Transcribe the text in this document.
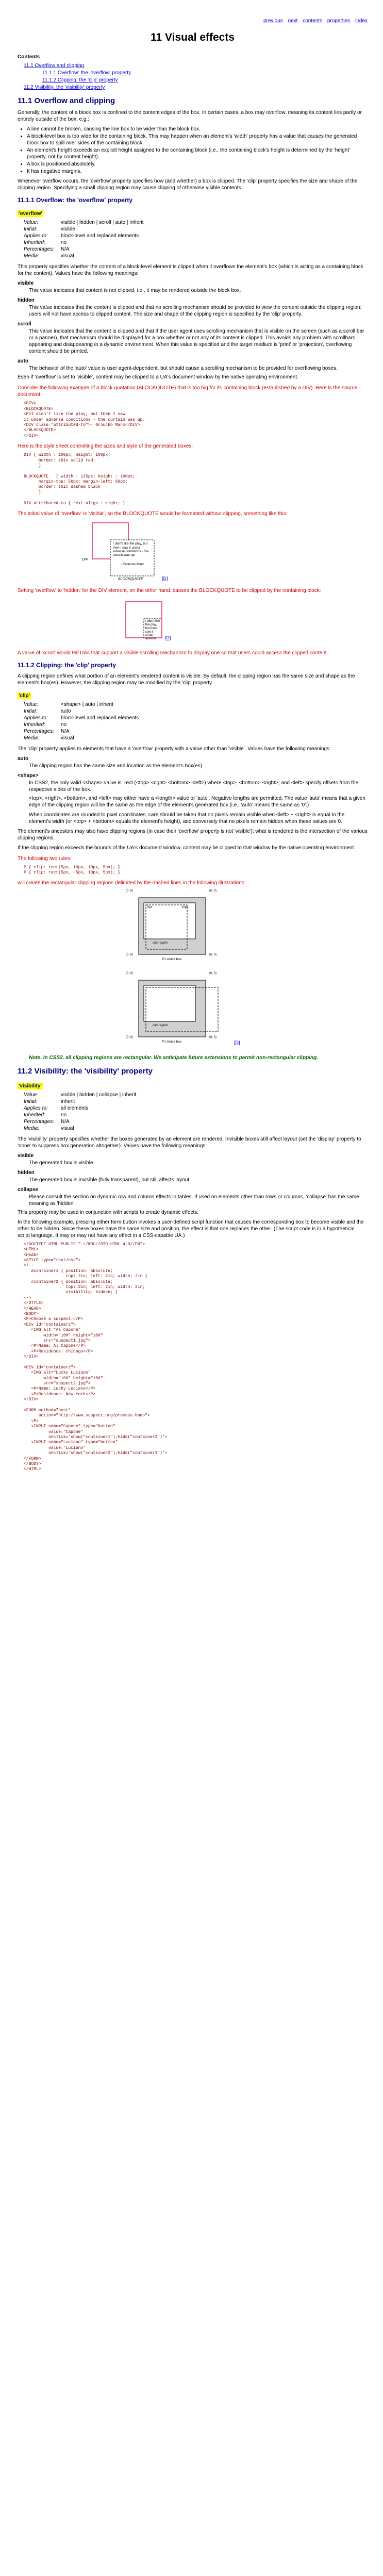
previous next contents properties index
11 Visual effects
Contents
11.1 Overflow and clipping
11.1.1 Overflow: the 'overflow' property
11.1.2 Clipping: the 'clip' property
11.2 Visibility: the 'visibility' property
11.1 Overflow and clipping

Generally, the content of a block box is confined to the content edges of the box. In certain cases, a box may overflow, meaning its content lies partly or entirely outside of the box, e.g.:

• A line cannot be broken, causing the line box to be wider than the block box.
• A block-level box is too wide for the containing block. This may happen when an element's 'width' property has a value that causes the generated block box to spill over sides of the containing block.
• An element's height exceeds an explicit height assigned to the containing block (i.e., the containing block's height is determined by the 'height' property, not by content height).
• A box is positioned absolutely.
• It has negative margins.

Whenever overflow occurs, the 'overflow' property specifies how (and whether) a box is clipped. The 'clip' property specifies the size and shape of the clipping region. Specifying a small clipping region may cause clipping of otherwise visible contents.

11.1.1 Overflow: the 'overflow' property
'overflow'
Value:	visible | hidden | scroll | auto | inherit
Initial:	visible
Applies to:	block-level and replaced elements
Inherited:	no
Percentages:	N/A
Media:	visual

This property specifies whether the content of a block-level element is clipped when it overflows the element's box (which is acting as a containing block for the content). Values have the following meanings:

visible
This value indicates that content is not clipped, i.e., it may be rendered outside the block box.
hidden
This value indicates that the content is clipped and that no scrolling mechanism should be provided to view the content outside the clipping region; users will not have access to clipped content. The size and shape of the clipping region is specified by the 'clip' property.
scroll
This value indicates that the content is clipped and that if the user agent uses scrolling mechanism that is visible on the screen (such as a scroll bar or a panner), that mechanism should be displayed for a box whether or not any of its content is clipped. This avoids any problem with scrollbars appearing and disappearing in a dynamic environment. When this value is specified and the target medium is 'print' or 'projection', overflowing content should be printed.
auto
The behavior of the 'auto' value is user agent-dependent, but should cause a scrolling mechanism to be provided for overflowing boxes.

Even if 'overflow' is set to 'visible', content may be clipped to a UA's document window by the native operating environment.

Consider the following example of a block quotation (BLOCKQUOTE) that is too big for its containing block (established by a DIV). Here is the source document:

<DIV>
<BLOCKQUOTE>
<P>I didn't like the play, but then I saw
it under adverse conditions - the curtain was up.
<DIV class="attributed-to">- Groucho Marx</DIV>
</BLOCKQUOTE>
</DIV>

Here is the style sheet controlling the sizes and style of the generated boxes:

DIV { width : 100px; height: 100px;
border: thin solid red;
}

BLOCKQUOTE   { width : 125px; height : 100px;
margin-top: 50px; margin-left: 50px;
border: thin dashed black
}

DIV.attributed-to { text-align : right; }

The initial value of 'overflow' is 'visible', so the BLOCKQUOTE would be formatted without clipping, something like this:

I didn't like the play, but then I saw it under adverse conditions - the curtain was up.
- Groucho Marx
DIV
BLOCKQUOTE	[D]

Setting 'overflow' to 'hidden' for the DIV element, on the other hand, causes the BLOCKQUOTE to be clipped by the containing block:

I didn't like the play, but then I saw it under adverse	[D]

A value of 'scroll' would tell UAs that support a visible scrolling mechanism to display one so that users could access the clipped content.

11.1.2 Clipping: the 'clip' property

A clipping region defines what portion of an element's rendered content is visible. By default, the clipping region has the same size and shape as the element's box(es). However, the clipping region may be modified by the 'clip' property.

'clip'
Value:	<shape> | auto | inherit
Initial:	auto
Applies to:	block-level and replaced elements
Inherited:	no
Percentages:	N/A
Media:	visual

The 'clip' property applies to elements that have a 'overflow' property with a value other than 'visible'. Values have the following meanings:

auto
The clipping region has the same size and location as the element's box(es).
<shape>
In CSS2, the only valid <shape> value is: rect (<top> <right> <bottom> <left>) where <top>, <bottom> <right>, and <left> specify offsets from the respective sides of the box.

<top>, <right>, <bottom>, and <left> may either have a <length> value or 'auto'. Negative lengths are permitted. The value 'auto' means that a given edge of the clipping region will be the same as the edge of the element's generated box (i.e., 'auto' means the same as '0'.)

When coordinates are rounded to pixel coordinates, care should be taken that no pixels remain visible when <left> + <right> is equal to the element's width (or <top> + <bottom> equals the element's height), and conversely that no pixels remain hidden when these values are 0.

The element's ancestors may also have clipping regions (in case their 'overflow' property is not 'visible'); what is rendered is the intersection of the various clipping regions.

If the clipping region exceeds the bounds of the UA's document window, content may be clipped to that window by the native operating environment.

The following two rules:

P { clip: rect(5px, 10px, 10px, 5px); }
P { clip: rect(5px, -5px, 10px, 5px); }

will create the rectangular clipping regions delimited by the dashed lines in the following illustrations:

(0, 0)	(0, 0)
5px	10px
clip region
P's block box
(0, 0)	(0, 0)
(0, 0)	(0, 0)
clip region
P's block box
(0, 0)	(0, 0)
[D]
Note. In CSS2, all clipping regions are rectangular. We anticipate future extensions to permit non-rectangular clipping.
11.2 Visibility: the 'visibility' property
'visibility'
Value:	visible | hidden | collapse | inherit
Initial:	inherit
Applies to:	all elements
Inherited:	no
Percentages:	N/A
Media:	visual

The 'visibility' property specifies whether the boxes generated by an element are rendered. Invisible boxes still affect layout (set the 'display' property to 'none' to suppress box generation altogether). Values have the following meanings:

visible
The generated box is visible.
hidden
The generated box is invisible (fully transparent), but still affects layout.
collapse
Please consult the section on dynamic row and column effects in tables. If used on elements other than rows or columns, 'collapse' has the same meaning as 'hidden'.

This property may be used in conjunction with scripts to create dynamic effects.

In the following example, pressing either form button invokes a user-defined script function that causes the corresponding box to become visible and the other to be hidden. Since these boxes have the same size and position, the effect is that one replaces the other. (The script code is in a hypothetical script language. It may or may not have any effect in a CSS-capable UA.)

<!DOCTYPE HTML PUBLIC "-//W3C//DTD HTML 4.0//EN">
<HTML>
<HEAD>
<STYLE type="text/css">
<!--
#container1 { position: absolute;
top: 2in; left: 2in; width: 2in }
#container2 { position: absolute;
top: 2in; left: 2in; width: 2in;
visibility: hidden; }
-->
</STYLE>
</HEAD>
<BODY>
<P>Choose a suspect:</P>
<DIV id="container1">
<IMG alt="Al Capone"
width="100" height="100"
src="suspect1.jpg">
<P>Name: Al Capone</P>
<P>Residence: Chicago</P>
</DIV>

<DIV id="container2">
<IMG alt="Lucky Luciano"
width="100" height="100"
src="suspect2.jpg">
<P>Name: Lucky Luciano</P>
<P>Residence: New York</P>
</DIV>

<FORM method="post"
action="http://www.suspect.org/process-bums">
<P>
<INPUT name="Capone" type="button"
value="Capone"
onclick='show("container1");hide("container2")'>
<INPUT name="Luciano" type="button"
value="Luciano"
onclick='show("container2");hide("container1")'>
</FORM>
</BODY>
</HTML>
